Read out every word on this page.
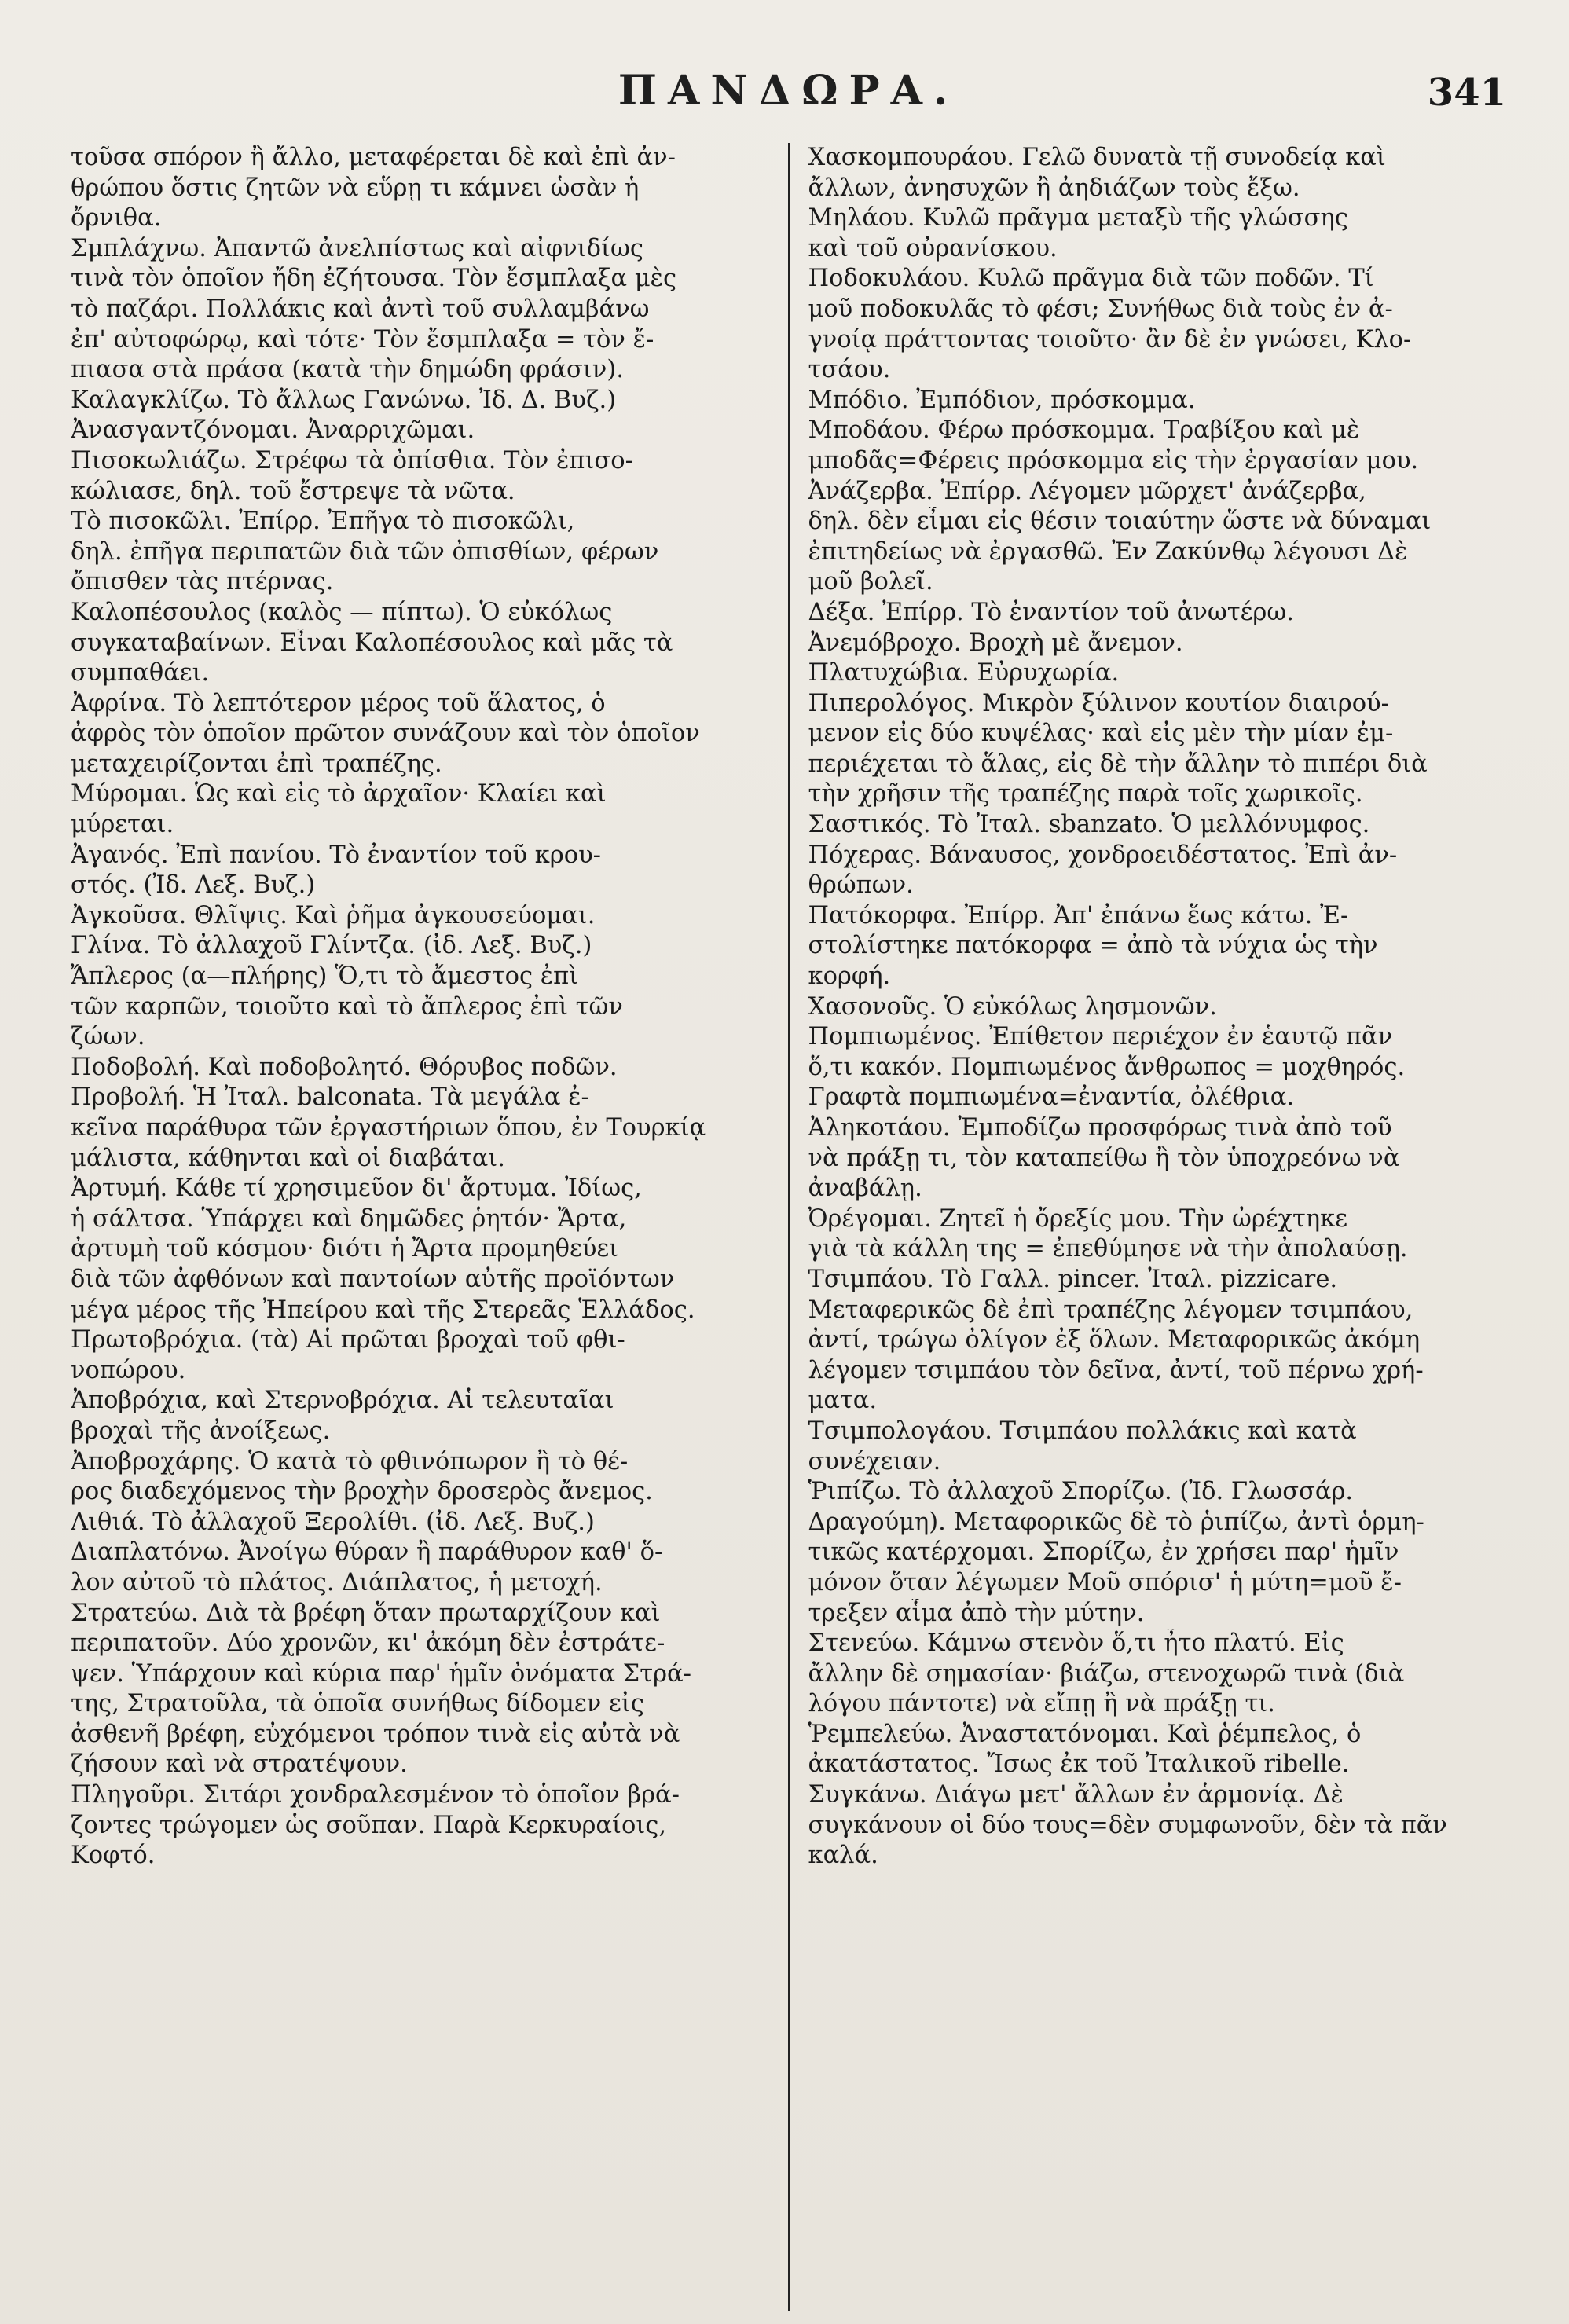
ΠΑΝΔΩΡΑ.	341
τοῦσα σπόρον ἢ ἄλλο, μεταφέρεται δὲ καὶ ἐπὶ ἀν-
θρώπου ὅστις ζητῶν νὰ εὕρῃ τι κάμνει ὡσὰν ἡ
ὄρνιθα.
Σμπλάχνω. Ἀπαντῶ ἀνελπίστως καὶ αἰφνιδίως
τινὰ τὸν ὁποῖον ἤδη ἐζήτουσα. Τὸν ἔσμπλαξα μὲς
τὸ παζάρι. Πολλάκις καὶ ἀντὶ τοῦ συλλαμβάνω
ἐπ' αὐτοφώρῳ, καὶ τότε· Τὸν ἔσμπλαξα = τὸν ἔ-
πιασα στὰ πράσα (κατὰ τὴν δημώδη φράσιν).
Καλαγκλίζω. Τὸ ἄλλως Γανώνω. Ἰδ. Δ. Βυζ.)
Ἀνασγαντζόνομαι. Ἀναρριχῶμαι.
Πισοκωλιάζω. Στρέφω τὰ ὀπίσθια. Τὸν ἐπισο-
κώλιασε, δηλ. τοῦ ἔστρεψε τὰ νῶτα.
Τὸ πισοκῶλι. Ἐπίρρ. Ἐπῆγα τὸ πισοκῶλι,
δηλ. ἐπῆγα περιπατῶν διὰ τῶν ὀπισθίων, φέρων
ὄπισθεν τὰς πτέρνας.
Καλοπέσουλος (καλὸς — πίπτω). Ὁ εὐκόλως
συγκαταβαίνων. Εἶναι Καλοπέσουλος καὶ μᾶς τὰ
συμπαθάει.
Ἀφρίνα. Τὸ λεπτότερον μέρος τοῦ ἅλατος, ὁ
ἀφρὸς τὸν ὁποῖον πρῶτον συνάζουν καὶ τὸν ὁποῖον
μεταχειρίζονται ἐπὶ τραπέζης.
Μύρομαι. Ὡς καὶ εἰς τὸ ἀρχαῖον· Κλαίει καὶ
μύρεται.
Ἀγανός. Ἐπὶ πανίου. Τὸ ἐναντίον τοῦ κρου-
στός. (Ἰδ. Λεξ. Βυζ.)
Ἀγκοῦσα. Θλῖψις. Καὶ ῥῆμα ἀγκουσεύομαι.
Γλίνα. Τὸ ἀλλαχοῦ Γλίντζα. (ἰδ. Λεξ. Βυζ.)
Ἄπλερος (α—πλήρης) Ὅ,τι τὸ ἄμεστος ἐπὶ
τῶν καρπῶν, τοιοῦτο καὶ τὸ ἄπλερος ἐπὶ τῶν
ζώων.
Ποδοβολή. Καὶ ποδοβολητό. Θόρυβος ποδῶν.
Προβολή. Ἡ Ἰταλ. balconata. Τὰ μεγάλα ἐ-
κεῖνα παράθυρα τῶν ἐργαστήριων ὅπου, ἐν Τουρκίᾳ
μάλιστα, κάθηνται καὶ οἱ διαβάται.
Ἀρτυμή. Κάθε τί χρησιμεῦον δι' ἄρτυμα. Ἰδίως,
ἡ σάλτσα. Ὑπάρχει καὶ δημῶδες ῥητόν· Ἄρτα,
ἀρτυμὴ τοῦ κόσμου· διότι ἡ Ἄρτα προμηθεύει
διὰ τῶν ἀφθόνων καὶ παντοίων αὐτῆς προϊόντων
μέγα μέρος τῆς Ἠπείρου καὶ τῆς Στερεᾶς Ἑλλάδος.
Πρωτοβρόχια. (τὰ) Αἱ πρῶται βροχαὶ τοῦ φθι-
νοπώρου.
Ἀποβρόχια, καὶ Στερνοβρόχια. Αἱ τελευταῖαι
βροχαὶ τῆς ἀνοίξεως.
Ἀποβροχάρης. Ὁ κατὰ τὸ φθινόπωρον ἢ τὸ θέ-
ρος διαδεχόμενος τὴν βροχὴν δροσερὸς ἄνεμος.
Λιθιά. Τὸ ἀλλαχοῦ Ξερολίθι. (ἰδ. Λεξ. Βυζ.)
Διαπλατόνω. Ἀνοίγω θύραν ἢ παράθυρον καθ' ὅ-
λον αὐτοῦ τὸ πλάτος. Διάπλατος, ἡ μετοχή.
Στρατεύω. Διὰ τὰ βρέφη ὅταν πρωταρχίζουν καὶ
περιπατοῦν. Δύο χρονῶν, κι' ἀκόμη δὲν ἐστράτε-
ψεν. Ὑπάρχουν καὶ κύρια παρ' ἡμῖν ὀνόματα Στρά-
της, Στρατοῦλα, τὰ ὁποῖα συνήθως δίδομεν εἰς
ἀσθενῆ βρέφη, εὐχόμενοι τρόπον τινὰ εἰς αὐτὰ νὰ
ζήσουν καὶ νὰ στρατέψουν.
Πληγοῦρι. Σιτάρι χονδραλεσμένον τὸ ὁποῖον βρά-
ζοντες τρώγομεν ὡς σοῦπαν. Παρὰ Κερκυραίοις,
Κοφτό.
Χασκομπουράου. Γελῶ δυνατὰ τῇ συνοδείᾳ καὶ
ἄλλων, ἀνησυχῶν ἢ ἀηδιάζων τοὺς ἔξω.
Μηλάου. Κυλῶ πρᾶγμα μεταξὺ τῆς γλώσσης
καὶ τοῦ οὐρανίσκου.
Ποδοκυλάου. Κυλῶ πρᾶγμα διὰ τῶν ποδῶν. Τί
μοῦ ποδοκυλᾶς τὸ φέσι; Συνήθως διὰ τοὺς ἐν ἀ-
γνοίᾳ πράττοντας τοιοῦτο· ἂν δὲ ἐν γνώσει, Κλο-
τσάου.
Μπόδιο. Ἐμπόδιον, πρόσκομμα.
Μποδάου. Φέρω πρόσκομμα. Τραβίξου καὶ μὲ
μποδᾶς=Φέρεις πρόσκομμα εἰς τὴν ἐργασίαν μου.
Ἀνάζερβα. Ἐπίρρ. Λέγομεν μῶρχετ' ἀνάζερβα,
δηλ. δὲν εἶμαι εἰς θέσιν τοιαύτην ὥστε νὰ δύναμαι
ἐπιτηδείως νὰ ἐργασθῶ. Ἐν Ζακύνθῳ λέγουσι Δὲ
μοῦ βολεῖ.
Δέξα. Ἐπίρρ. Τὸ ἐναντίον τοῦ ἀνωτέρω.
Ἀνεμόβροχο. Βροχὴ μὲ ἄνεμον.
Πλατυχώβια. Εὐρυχωρία.
Πιπερολόγος. Μικρὸν ξύλινον κουτίον διαιρού-
μενον εἰς δύο κυψέλας· καὶ εἰς μὲν τὴν μίαν ἐμ-
περιέχεται τὸ ἅλας, εἰς δὲ τὴν ἄλλην τὸ πιπέρι διὰ
τὴν χρῆσιν τῆς τραπέζης παρὰ τοῖς χωρικοῖς.
Σαστικός. Τὸ Ἰταλ. sbanzato. Ὁ μελλόνυμφος.
Πόχερας. Βάναυσος, χονδροειδέστατος. Ἐπὶ ἀν-
θρώπων.
Πατόκορφα. Ἐπίρρ. Ἀπ' ἐπάνω ἕως κάτω. Ἐ-
στολίστηκε πατόκορφα = ἀπὸ τὰ νύχια ὡς τὴν
κορφή.
Χασονοῦς. Ὁ εὐκόλως λησμονῶν.
Πομπιωμένος. Ἐπίθετον περιέχον ἐν ἑαυτῷ πᾶν
ὅ,τι κακόν. Πομπιωμένος ἄνθρωπος = μοχθηρός.
Γραφτὰ πομπιωμένα=ἐναντία, ὀλέθρια.
Ἀληκοτάου. Ἐμποδίζω προσφόρως τινὰ ἀπὸ τοῦ
νὰ πράξῃ τι, τὸν καταπείθω ἢ τὸν ὑποχρεόνω νὰ
ἀναβάλῃ.
Ὀρέγομαι. Ζητεῖ ἡ ὄρεξίς μου. Τὴν ὠρέχτηκε
γιὰ τὰ κάλλη της = ἐπεθύμησε νὰ τὴν ἀπολαύσῃ.
Τσιμπάου. Τὸ Γαλλ. pincer. Ἰταλ. pizzicare.
Μεταφερικῶς δὲ ἐπὶ τραπέζης λέγομεν τσιμπάου,
ἀντί, τρώγω ὀλίγον ἐξ ὅλων. Μεταφορικῶς ἀκόμη
λέγομεν τσιμπάου τὸν δεῖνα, ἀντί, τοῦ πέρνω χρή-
ματα.
Τσιμπολογάου. Τσιμπάου πολλάκις καὶ κατὰ
συνέχειαν.
Ῥιπίζω. Τὸ ἀλλαχοῦ Σπορίζω. (Ἰδ. Γλωσσάρ.
Δραγούμη). Μεταφορικῶς δὲ τὸ ῥιπίζω, ἀντὶ ὁρμη-
τικῶς κατέρχομαι. Σπορίζω, ἐν χρήσει παρ' ἡμῖν
μόνον ὅταν λέγωμεν Μοῦ σπόρισ' ἡ μύτη=μοῦ ἔ-
τρεξεν αἷμα ἀπὸ τὴν μύτην.
Στενεύω. Κάμνω στενὸν ὅ,τι ἦτο πλατύ. Εἰς
ἄλλην δὲ σημασίαν· βιάζω, στενοχωρῶ τινὰ (διὰ
λόγου πάντοτε) νὰ εἴπῃ ἢ νὰ πράξῃ τι.
Ῥεμπελεύω. Ἀναστατόνομαι. Καὶ ῥέμπελος, ὁ
ἀκατάστατος. Ἴσως ἐκ τοῦ Ἰταλικοῦ ribelle.
Συγκάνω. Διάγω μετ' ἄλλων ἐν ἁρμονίᾳ. Δὲ
συγκάνουν οἱ δύο τους=δὲν συμφωνοῦν, δὲν τὰ πᾶν
καλά.
